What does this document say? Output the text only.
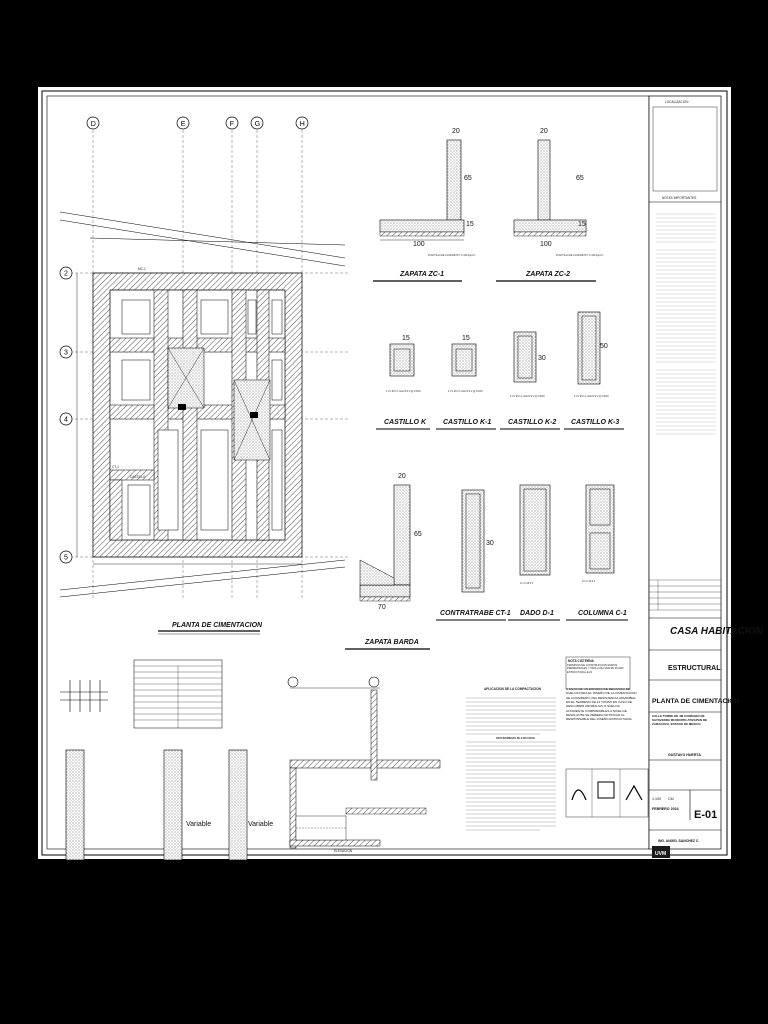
MC-1
CT-1
CASTILLO
PLANTA DE CIMENTACION
65
15
100
20
PLANTILLA DE CONCRETO f´c=100 kg/cm²
ZAPATA ZC-1
65
15
100
20
PLANTILLA DE CONCRETO f´c=100 kg/cm²
ZAPATA ZC-2
15	15
30
50
4 V's Ø # 3 1 Est Ø # 2 @ 15CM	4 V's Ø # 3 1 Est Ø # 2 @ 15CM
6 V's Ø # 4 1 Est Ø # 2 @ 15CM	6 V's Ø # 4 1 Est Ø # 2 @ 15CM
CASTILLO K CASTILLO K-1 CASTILLO K-2 CASTILLO K-3
20
65
70
ZAPATA BARDA
30
12 V's Ø # 5
10 V's Ø # 5
CONTRATRABE CT-1 DADO D-1	COLUMNA C-1
NOTA CISTERNA
TERMINOS DE CONSTRUCCION MUROS PERIMETRALES Y TAPA LOSA VER EN PLANO ESTRUCTURAL E-01
Variable	Variable
ELEVACION
APLICACION DE LA COMPACTACION
PROCEDIMIENTO DE EJECUCION
A FALTA DE UN ESTUDIO DE MECANICA DE SUELOS PARA EL DISEÑO DE LA CIMENTACION SE CONSIDERO UNA RESISTENCIA ADMISIBLE EN EL TERRENO DE 12 TON/M² EN CASO DE DESCUBRIR ANOMALIAS O SUELOS ALTAMENTE COMPRESIBLES A NIVEL DE DESPLANTE SE DEBERA NOTIFICAR AL RESPONSABLE DEL DISEÑO ESTRUCTURAL
LOCALIZACION
NOTAS IMPORTANTES
CASA HABITACION
ESTRUCTURAL
PLANTA DE CIMENTACION
CALLE TORRE DE 4M CONDADO DE SAYAVEDRA MUNICIPIO ATIZAPAN DE ZARAGOZA, ESTADO DE MEXICO
GUSTAVO HUERTA
1:100 CM
FEBRERO 2024 E-01
ING. ANGEL SANCHEZ C.
UVM
D	E	F	G	H
2
3
4
5
MURO MC-1	MURO M-1	MURO M-2	DETALLE DE CISTERNA
